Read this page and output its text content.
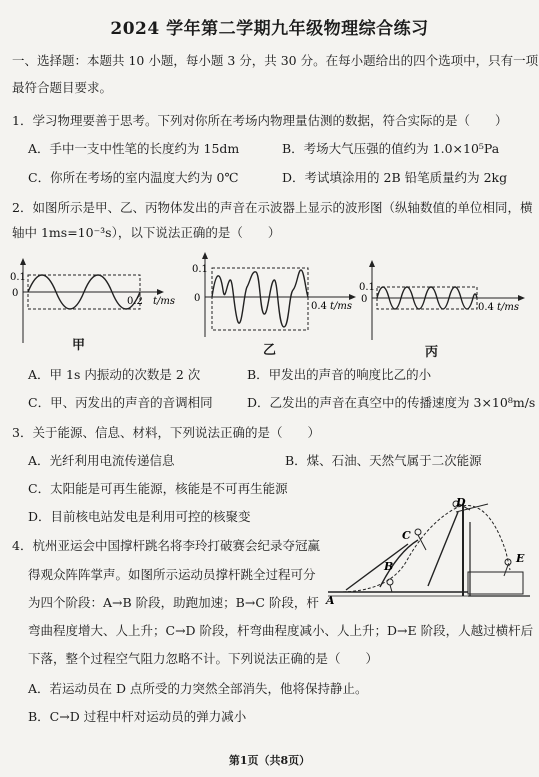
2024 学年第二学期九年级物理综合练习
一、选择题：本题共 10 小题，每小题 3 分，共 30 分。在每小题给出的四个选项中，只有一项
最符合题目要求。
1．学习物理要善于思考。下列对你所在考场内物理量估测的数据，符合实际的是（　　）
A．手中一支中性笔的长度约为 15dm	B．考场大气压强的值约为 1.0×10⁵Pa
C．你所在考场的室内温度大约为 0℃	D．考试填涂用的 2B 铅笔质量约为 2kg
2．如图所示是甲、乙、丙物体发出的声音在示波器上显示的波形图（纵轴数值的单位相同，横
轴中 1ms=10⁻³s），以下说法正确的是（　　）
0.1
0
0.2 t/ms
甲
0.1
0
0.4 t/ms
乙
0.1
0
0.4 t/ms
丙
A．甲 1s 内振动的次数是 2 次	B．甲发出的声音的响度比乙的小
C．甲、丙发出的声音的音调相同	D．乙发出的声音在真空中的传播速度为 3×10⁸m/s
3．关于能源、信息、材料，下列说法正确的是（　　）
A．光纤利用电流传递信息	B．煤、石油、天然气属于二次能源
C．太阳能是可再生能源，核能是不可再生能源
D．目前核电站发电是利用可控的核聚变
A
B
C
D
E
4．杭州亚运会中国撑杆跳名将李玲打破赛会纪录夺冠赢
得观众阵阵掌声。如图所示运动员撑杆跳全过程可分
为四个阶段：A→B 阶段，助跑加速；B→C 阶段，杆
弯曲程度增大、人上升；C→D 阶段，杆弯曲程度减小、人上升；D→E 阶段，人越过横杆后
下落，整个过程空气阻力忽略不计。下列说法正确的是（　　）
A．若运动员在 D 点所受的力突然全部消失，他将保持静止。
B．C→D 过程中杆对运动员的弹力减小
第1页（共8页）
